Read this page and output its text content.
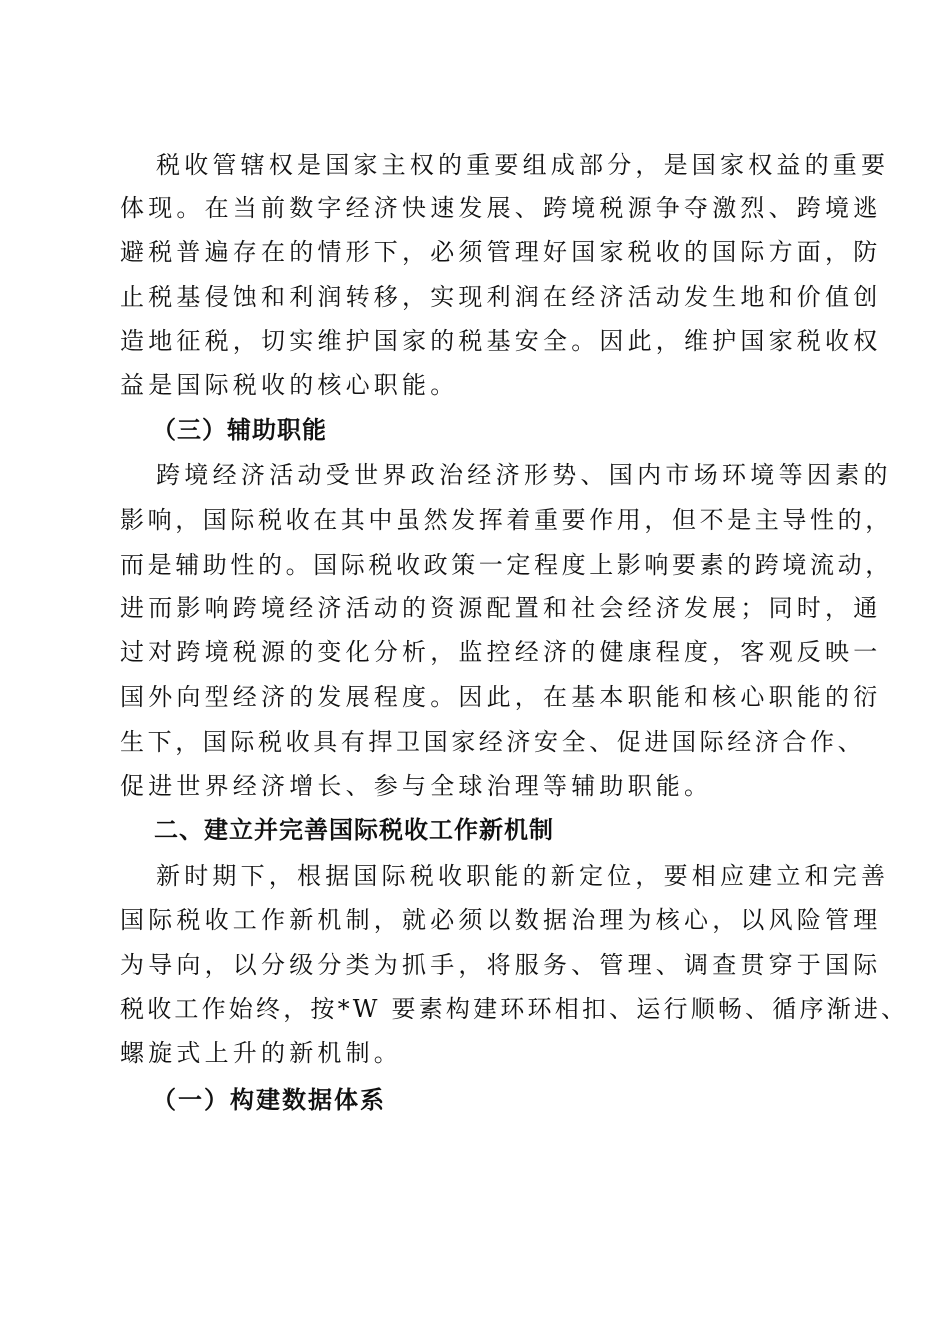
税收管辖权是国家主权的重要组成部分，是国家权益的重要
体现。在当前数字经济快速发展、跨境税源争夺激烈、跨境逃
避税普遍存在的情形下，必须管理好国家税收的国际方面，防
止税基侵蚀和利润转移，实现利润在经济活动发生地和价值创
造地征税，切实维护国家的税基安全。因此，维护国家税收权
益是国际税收的核心职能。
（三）辅助职能
跨境经济活动受世界政治经济形势、国内市场环境等因素的
影响，国际税收在其中虽然发挥着重要作用，但不是主导性的，
而是辅助性的。国际税收政策一定程度上影响要素的跨境流动，
进而影响跨境经济活动的资源配置和社会经济发展；同时，通
过对跨境税源的变化分析，监控经济的健康程度，客观反映一
国外向型经济的发展程度。因此，在基本职能和核心职能的衍
生下，国际税收具有捍卫国家经济安全、促进国际经济合作、
促进世界经济增长、参与全球治理等辅助职能。
二、建立并完善国际税收工作新机制
新时期下，根据国际税收职能的新定位，要相应建立和完善
国际税收工作新机制，就必须以数据治理为核心，以风险管理
为导向，以分级分类为抓手，将服务、管理、调查贯穿于国际
税收工作始终，按*W 要素构建环环相扣、运行顺畅、循序渐进、
螺旋式上升的新机制。
（一）构建数据体系
